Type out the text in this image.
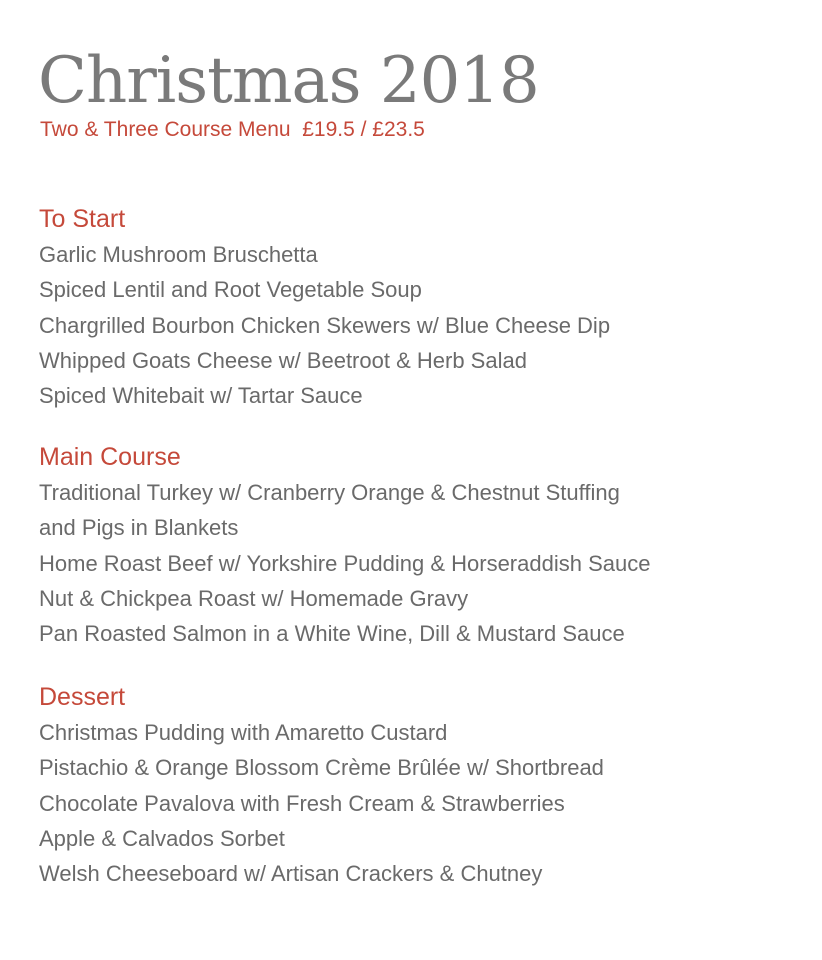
Christmas 2018

Two & Three Course Menu  £19.5 / £23.5

To Start
Garlic Mushroom Bruschetta
Spiced Lentil and Root Vegetable Soup
Chargrilled Bourbon Chicken Skewers w/ Blue Cheese Dip
Whipped Goats Cheese w/ Beetroot & Herb Salad
Spiced Whitebait w/ Tartar Sauce
Main Course
Traditional Turkey w/ Cranberry Orange & Chestnut Stuffing
and Pigs in Blankets
Home Roast Beef w/ Yorkshire Pudding & Horseraddish Sauce
Nut & Chickpea Roast w/ Homemade Gravy
Pan Roasted Salmon in a White Wine, Dill & Mustard Sauce
Dessert
Christmas Pudding with Amaretto Custard
Pistachio & Orange Blossom Crème Brûlée w/ Shortbread
Chocolate Pavalova with Fresh Cream & Strawberries
Apple & Calvados Sorbet
Welsh Cheeseboard w/ Artisan Crackers & Chutney
